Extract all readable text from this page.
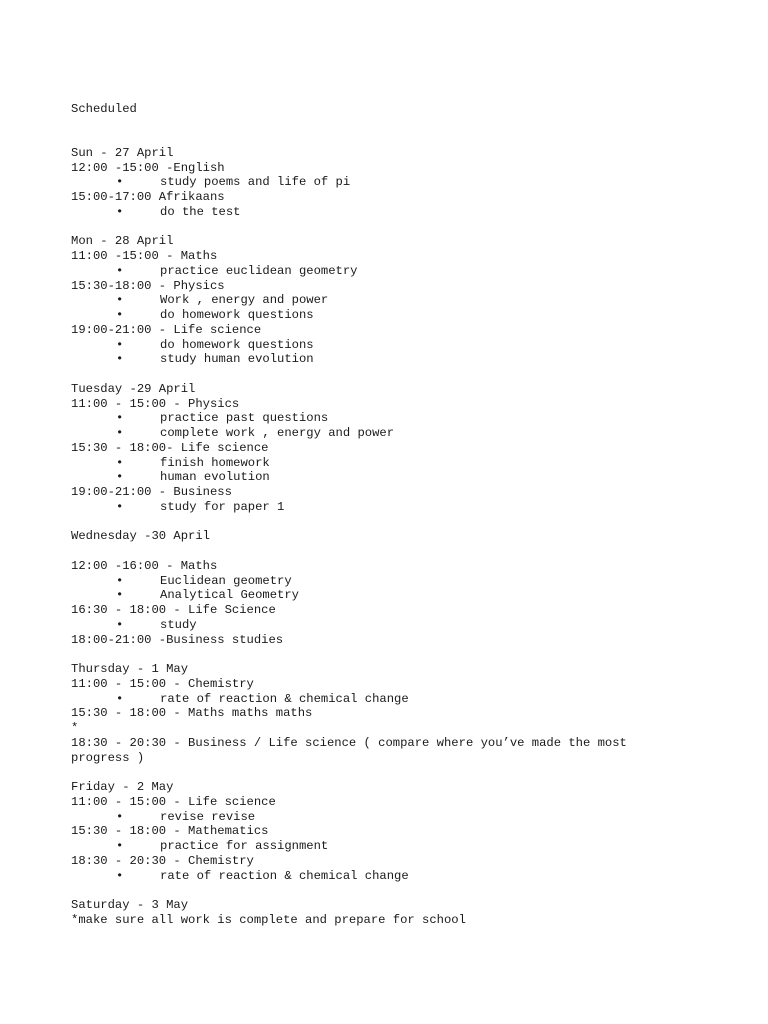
Scheduled

Sun - 27 April
12:00 -15:00 -English
•	study poems and life of pi
15:00-17:00 Afrikaans
•	do the test
Mon - 28 April
11:00 -15:00 - Maths
•	practice euclidean geometry
15:30-18:00 - Physics
•	Work , energy and power
•	do homework questions
19:00-21:00 - Life science
•	do homework questions
•	study human evolution
Tuesday -29 April
11:00 - 15:00 - Physics
•	practice past questions
•	complete work , energy and power
15:30 - 18:00- Life science
•	finish homework
•	human evolution
19:00-21:00 - Business
•	study for paper 1
Wednesday -30 April
12:00 -16:00 - Maths
•	Euclidean geometry
•	Analytical Geometry
16:30 - 18:00 - Life Science
•	study
18:00-21:00 -Business studies
Thursday - 1 May
11:00 - 15:00 - Chemistry
•	rate of reaction & chemical change
15:30 - 18:00 - Maths maths maths
*
18:30 - 20:30 - Business / Life science ( compare where you’ve made the most
progress )
Friday - 2 May
11:00 - 15:00 - Life science
•	revise revise
15:30 - 18:00 - Mathematics
•	practice for assignment
18:30 - 20:30 - Chemistry
•	rate of reaction & chemical change
Saturday - 3 May
*make sure all work is complete and prepare for school
